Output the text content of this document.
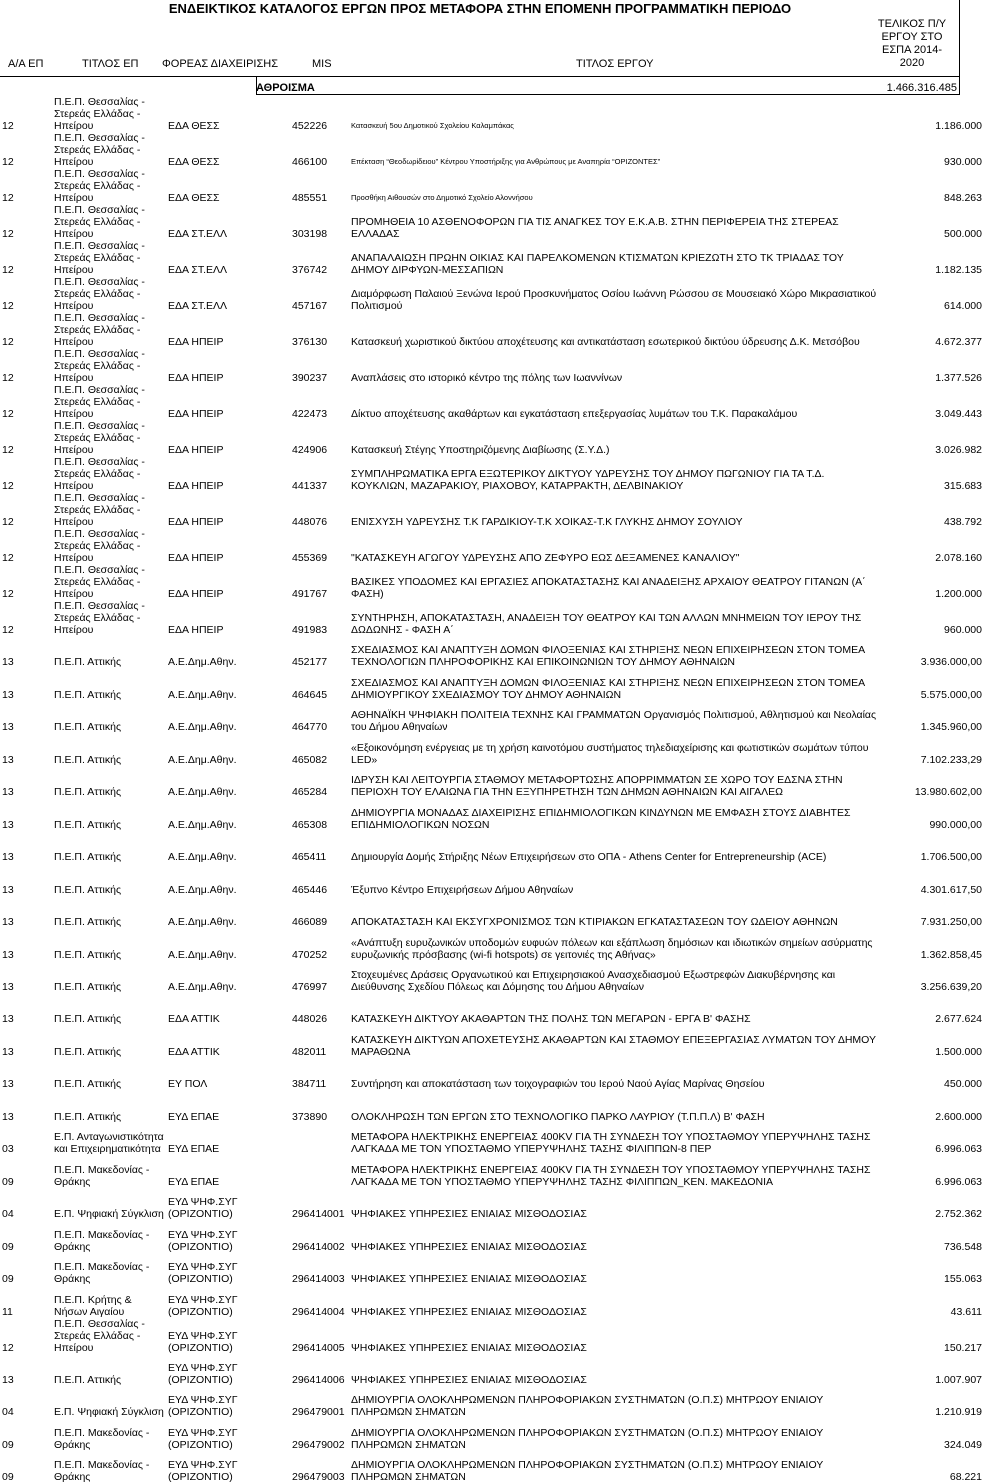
ΕΝΔΕΙΚΤΙΚΟΣ ΚΑΤΑΛΟΓΟΣ ΕΡΓΩΝ ΠΡΟΣ ΜΕΤΑΦΟΡΑ ΣΤΗΝ ΕΠΟΜΕΝΗ ΠΡΟΓΡΑΜΜΑΤΙΚΗ ΠΕΡΙΟΔΟ
Α/Α ΕΠ	ΤΙΤΛΟΣ ΕΠ ΦΟΡΕΑΣ ΔΙΑΧΕΙΡΙΣΗΣ	MIS	ΤΙΤΛΟΣ ΕΡΓΟΥ
ΤΕΛΙΚΟΣ Π/Υ ΕΡΓΟΥ ΣΤΟ ΕΣΠΑ 2014-2020
ΑΘΡΟΙΣΜΑ	1.466.316.485
12	Π.Ε.Π. Θεσσαλίας - Στερεάς Ελλάδας - Ηπείρου	ΕΔΑ ΘΕΣΣ	452226	Κατασκευή 5ου Δημοτικού Σχολείου Καλαμπάκας	1.186.000
12	Π.Ε.Π. Θεσσαλίας - Στερεάς Ελλάδας - Ηπείρου	ΕΔΑ ΘΕΣΣ	466100	Επέκταση “Θεοδωρίδειου” Κέντρου Υποστήριξης για Ανθρώπους με Αναπηρία “ΟΡΙΖΟΝΤΕΣ”	930.000
12	Π.Ε.Π. Θεσσαλίας - Στερεάς Ελλάδας - Ηπείρου	ΕΔΑ ΘΕΣΣ	485551	Προσθήκη Αιθουσών στο Δημοτικό Σχολείο Αλοννήσου	848.263
12	Π.Ε.Π. Θεσσαλίας - Στερεάς Ελλάδας - Ηπείρου	ΕΔΑ ΣΤ.ΕΛΛ	303198	ΠΡΟΜΗΘΕΙΑ 10 ΑΣΘΕΝΟΦΟΡΩΝ ΓΙΑ ΤΙΣ ΑΝΑΓΚΕΣ ΤΟΥ Ε.Κ.Α.Β. ΣΤΗΝ ΠΕΡΙΦΕΡΕΙΑ ΤΗΣ ΣΤΕΡΕΑΣ ΕΛΛΑΔΑΣ	500.000
12	Π.Ε.Π. Θεσσαλίας - Στερεάς Ελλάδας - Ηπείρου	ΕΔΑ ΣΤ.ΕΛΛ	376742	ΑΝΑΠΑΛΑΙΩΣΗ ΠΡΩΗΝ ΟΙΚΙΑΣ ΚΑΙ ΠΑΡΕΛΚΟΜΕΝΩΝ ΚΤΙΣΜΑΤΩΝ ΚΡΙΕΖΩΤΗ ΣΤΟ ΤΚ ΤΡΙΑΔΑΣ ΤΟΥ ΔΗΜΟΥ ΔΙΡΦΥΩΝ-ΜΕΣΣΑΠΙΩΝ	1.182.135
12	Π.Ε.Π. Θεσσαλίας - Στερεάς Ελλάδας - Ηπείρου	ΕΔΑ ΣΤ.ΕΛΛ	457167	Διαμόρφωση Παλαιού Ξενώνα Ιερού Προσκυνήματος Οσίου Ιωάννη Ρώσσου σε Μουσειακό Χώρο Μικρασιατικού Πολιτισμού	614.000
12	Π.Ε.Π. Θεσσαλίας - Στερεάς Ελλάδας - Ηπείρου	ΕΔΑ ΗΠΕΙΡ	376130	Κατασκευή χωριστικού δικτύου αποχέτευσης και αντικατάσταση εσωτερικού δικτύου ύδρευσης Δ.Κ. Μετσόβου	4.672.377
12	Π.Ε.Π. Θεσσαλίας - Στερεάς Ελλάδας - Ηπείρου	ΕΔΑ ΗΠΕΙΡ	390237	Αναπλάσεις στο ιστορικό κέντρο της πόλης των Ιωαννίνων	1.377.526
12	Π.Ε.Π. Θεσσαλίας - Στερεάς Ελλάδας - Ηπείρου	ΕΔΑ ΗΠΕΙΡ	422473	Δίκτυο αποχέτευσης ακαθάρτων και εγκατάσταση επεξεργασίας λυμάτων του Τ.Κ. Παρακαλάμου	3.049.443
12	Π.Ε.Π. Θεσσαλίας - Στερεάς Ελλάδας - Ηπείρου	ΕΔΑ ΗΠΕΙΡ	424906	Κατασκευή Στέγης Υποστηριζόμενης Διαβίωσης (Σ.Υ.Δ.)	3.026.982
12	Π.Ε.Π. Θεσσαλίας - Στερεάς Ελλάδας - Ηπείρου	ΕΔΑ ΗΠΕΙΡ	441337	ΣΥΜΠΛΗΡΩΜΑΤΙΚΑ ΕΡΓΑ ΕΞΩΤΕΡΙΚΟΥ ΔΙΚΤΥΟΥ ΥΔΡΕΥΣΗΣ ΤΟΥ ΔΗΜΟΥ ΠΩΓΩΝΙΟΥ ΓΙΑ ΤΑ Τ.Δ. ΚΟΥΚΛΙΩΝ, ΜΑΖΑΡΑΚΙΟΥ, ΡΙΑΧΟΒΟΥ, ΚΑΤΑΡΡΑΚΤΗ, ΔΕΛΒΙΝΑΚΙΟΥ	315.683
12	Π.Ε.Π. Θεσσαλίας - Στερεάς Ελλάδας - Ηπείρου	ΕΔΑ ΗΠΕΙΡ	448076	ΕΝΙΣΧΥΣΗ ΥΔΡΕΥΣΗΣ Τ.Κ ΓΑΡΔΙΚΙΟΥ-Τ.Κ ΧΟΙΚΑΣ-Τ.Κ ΓΛΥΚΗΣ ΔΗΜΟΥ ΣΟΥΛΙΟΥ	438.792
12	Π.Ε.Π. Θεσσαλίας - Στερεάς Ελλάδας - Ηπείρου	ΕΔΑ ΗΠΕΙΡ	455369	"ΚΑΤΑΣΚΕΥΗ ΑΓΩΓΟΥ ΥΔΡΕΥΣΗΣ ΑΠΟ ΖΕΦΥΡΟ ΕΩΣ ΔΕΞΑΜΕΝΕΣ ΚΑΝΑΛΙΟΥ"	2.078.160
12	Π.Ε.Π. Θεσσαλίας - Στερεάς Ελλάδας - Ηπείρου	ΕΔΑ ΗΠΕΙΡ	491767	ΒΑΣΙΚΕΣ ΥΠΟΔΟΜΕΣ ΚΑΙ ΕΡΓΑΣΙΕΣ ΑΠΟΚΑΤΑΣΤΑΣΗΣ ΚΑΙ ΑΝΑΔΕΙΞΗΣ ΑΡΧΑΙΟΥ ΘΕΑΤΡΟΥ ΓΙΤΑΝΩΝ (Α΄ ΦΑΣΗ)	1.200.000
12	Π.Ε.Π. Θεσσαλίας - Στερεάς Ελλάδας - Ηπείρου	ΕΔΑ ΗΠΕΙΡ	491983	ΣΥΝΤΗΡΗΣΗ, ΑΠΟΚΑΤΑΣΤΑΣΗ, ΑΝΑΔΕΙΞΗ ΤΟΥ ΘΕΑΤΡΟΥ ΚΑΙ ΤΩΝ ΑΛΛΩΝ ΜΝΗΜΕΙΩΝ ΤΟΥ ΙΕΡΟΥ ΤΗΣ ΔΩΔΩΝΗΣ - ΦΑΣΗ Α΄	960.000
13	Π.Ε.Π. Αττικής	Α.Ε.Δημ.Αθην.	452177	ΣΧΕΔΙΑΣΜΟΣ ΚΑΙ ΑΝΑΠΤΥΞΗ ΔΟΜΩΝ ΦΙΛΟΞΕΝΙΑΣ ΚΑΙ ΣΤΗΡΙΞΗΣ ΝΕΩΝ ΕΠΙΧΕΙΡΗΣΕΩΝ ΣΤΟΝ ΤΟΜΕΑ ΤΕΧΝΟΛΟΓΙΩΝ ΠΛΗΡΟΦΟΡΙΚΗΣ ΚΑΙ ΕΠΙΚΟΙΝΩΝΙΩΝ ΤΟΥ ΔΗΜΟΥ ΑΘΗΝΑΙΩΝ	3.936.000,00
13	Π.Ε.Π. Αττικής	Α.Ε.Δημ.Αθην.	464645	ΣΧΕΔΙΑΣΜΟΣ ΚΑΙ ΑΝΑΠΤΥΞΗ ΔΟΜΩΝ ΦΙΛΟΞΕΝΙΑΣ ΚΑΙ ΣΤΗΡΙΞΗΣ ΝΕΩΝ ΕΠΙΧΕΙΡΗΣΕΩΝ ΣΤΟΝ ΤΟΜΕΑ ΔΗΜΙΟΥΡΓΙΚΟΥ ΣΧΕΔΙΑΣΜΟΥ ΤΟΥ ΔΗΜΟΥ ΑΘΗΝΑΙΩΝ	5.575.000,00
13	Π.Ε.Π. Αττικής	Α.Ε.Δημ.Αθην.	464770	ΑΘΗΝΑΪΚΗ ΨΗΦΙΑΚΗ ΠΟΛΙΤΕΙΑ ΤΕΧΝΗΣ ΚΑΙ ΓΡΑΜΜΑΤΩΝ Οργανισμός Πολιτισμού, Αθλητισμού και Νεολαίας του Δήμου Αθηναίων	1.345.960,00
13	Π.Ε.Π. Αττικής	Α.Ε.Δημ.Αθην.	465082	«Εξοικονόμηση ενέργειας με τη χρήση καινοτόμου συστήματος τηλεδιαχείρισης και φωτιστικών σωμάτων τύπου LED»	7.102.233,29
13	Π.Ε.Π. Αττικής	Α.Ε.Δημ.Αθην.	465284	ΙΔΡΥΣΗ ΚΑΙ ΛΕΙΤΟΥΡΓΙΑ ΣΤΑΘΜΟΥ ΜΕΤΑΦΟΡΤΩΣΗΣ ΑΠΟΡΡΙΜΜΑΤΩΝ ΣΕ ΧΩΡΟ ΤΟΥ ΕΔΣΝΑ ΣΤΗΝ ΠΕΡΙΟΧΗ ΤΟΥ ΕΛΑΙΩΝΑ ΓΙΑ ΤΗΝ ΕΞΥΠΗΡΕΤΗΣΗ ΤΩΝ ΔΗΜΩΝ ΑΘΗΝΑΙΩΝ ΚΑΙ ΑΙΓΑΛΕΩ	13.980.602,00
13	Π.Ε.Π. Αττικής	Α.Ε.Δημ.Αθην.	465308	ΔΗΜΙΟΥΡΓΙΑ ΜΟΝΑΔΑΣ ΔΙΑΧΕΙΡΙΣΗΣ ΕΠΙΔΗΜΙΟΛΟΓΙΚΩΝ ΚΙΝΔΥΝΩΝ ΜΕ ΕΜΦΑΣΗ ΣΤΟΥΣ ΔΙΑΒΗΤΕΣ ΕΠΙΔΗΜΙΟΛΟΓΙΚΩΝ ΝΟΣΩΝ	990.000,00
13	Π.Ε.Π. Αττικής	Α.Ε.Δημ.Αθην.	465411	Δημιουργία Δομής Στήριξης Νέων Επιχειρήσεων στο ΟΠΑ - Athens Center for Entrepreneurship (ACE)	1.706.500,00
13	Π.Ε.Π. Αττικής	Α.Ε.Δημ.Αθην.	465446	Έξυπνο Κέντρο Επιχειρήσεων Δήμου Αθηναίων	4.301.617,50
13	Π.Ε.Π. Αττικής	Α.Ε.Δημ.Αθην.	466089	ΑΠΟΚΑΤΑΣΤΑΣΗ ΚΑΙ ΕΚΣΥΓΧΡΟΝΙΣΜΟΣ ΤΩΝ ΚΤΙΡΙΑΚΩΝ ΕΓΚΑΤΑΣΤΑΣΕΩΝ ΤΟΥ ΩΔΕΙΟΥ ΑΘΗΝΩΝ	7.931.250,00
13	Π.Ε.Π. Αττικής	Α.Ε.Δημ.Αθην.	470252	«Ανάπτυξη ευρυζωνικών υποδομών ευφυών πόλεων και εξάπλωση δημόσιων και ιδιωτικών σημείων ασύρματης ευρυζωνικής πρόσβασης (wi-fi hotspots) σε γειτονιές της Αθήνας»	1.362.858,45
13	Π.Ε.Π. Αττικής	Α.Ε.Δημ.Αθην.	476997	Στοχευμένες Δράσεις Οργανωτικού και Επιχειρησιακού Ανασχεδιασμού Εξωστρεφών Διακυβέρνησης και Διεύθυνσης Σχεδίου Πόλεως και Δόμησης του Δήμου Αθηναίων	3.256.639,20
13	Π.Ε.Π. Αττικής	ΕΔΑ ΑΤΤΙΚ	448026	ΚΑΤΑΣΚΕΥΗ ΔΙΚΤΥΟΥ ΑΚΑΘΑΡΤΩΝ ΤΗΣ ΠΟΛΗΣ ΤΩΝ ΜΕΓΑΡΩΝ - ΕΡΓΑ Β' ΦΑΣΗΣ	2.677.624
13	Π.Ε.Π. Αττικής	ΕΔΑ ΑΤΤΙΚ	482011	ΚΑΤΑΣΚΕΥΗ ΔΙΚΤΥΩΝ ΑΠΟΧΕΤΕΥΣΗΣ ΑΚΑΘΑΡΤΩΝ ΚΑΙ ΣΤΑΘΜΟΥ ΕΠΕΞΕΡΓΑΣΙΑΣ ΛΥΜΑΤΩΝ ΤΟΥ ΔΗΜΟΥ ΜΑΡΑΘΩΝΑ	1.500.000
13	Π.Ε.Π. Αττικής	ΕΥ ΠΟΛ	384711	Συντήρηση και αποκατάσταση των τοιχογραφιών του Ιερού Ναού Αγίας Μαρίνας Θησείου	450.000
13	Π.Ε.Π. Αττικής	ΕΥΔ ΕΠΑΕ	373890	ΟΛΟΚΛΗΡΩΣΗ ΤΩΝ ΕΡΓΩΝ ΣΤΟ ΤΕΧΝΟΛΟΓΙΚΟ ΠΑΡΚΟ ΛΑΥΡΙΟΥ (Τ.Π.Π.Λ) Β' ΦΑΣΗ	2.600.000
03	Ε.Π. Ανταγωνιστικότητα και Επιχειρηματικότητα	ΕΥΔ ΕΠΑΕ		ΜΕΤΑΦΟΡΑ ΗΛΕΚΤΡΙΚΗΣ ΕΝΕΡΓΕΙΑΣ 400KV ΓΙΑ ΤΗ ΣΥΝΔΕΣΗ ΤΟΥ ΥΠΟΣΤΑΘΜΟΥ ΥΠΕΡΥΨΗΛΗΣ ΤΑΣΗΣ ΛΑΓΚΑΔΑ ΜΕ ΤΟΝ ΥΠΟΣΤΑΘΜΟ ΥΠΕΡΥΨΗΛΗΣ ΤΑΣΗΣ ΦΙΛΙΠΠΩΝ-8 ΠΕΡ	6.996.063
09	Π.Ε.Π. Μακεδονίας - Θράκης	ΕΥΔ ΕΠΑΕ		ΜΕΤΑΦΟΡΑ ΗΛΕΚΤΡΙΚΗΣ ΕΝΕΡΓΕΙΑΣ 400KV ΓΙΑ ΤΗ ΣΥΝΔΕΣΗ ΤΟΥ ΥΠΟΣΤΑΘΜΟΥ ΥΠΕΡΥΨΗΛΗΣ ΤΑΣΗΣ ΛΑΓΚΑΔΑ ΜΕ ΤΟΝ ΥΠΟΣΤΑΘΜΟ ΥΠΕΡΥΨΗΛΗΣ ΤΑΣΗΣ ΦΙΛΙΠΠΩΝ_ΚΕΝ. ΜΑΚΕΔΟΝΙΑ	6.996.063
04	Ε.Π. Ψηφιακή Σύγκλιση	ΕΥΔ ΨΗΦ.ΣΥΓ (ΟΡΙΖΟΝΤΙΟ)	296414001	ΨΗΦΙΑΚΕΣ ΥΠΗΡΕΣΙΕΣ ΕΝΙΑΙΑΣ ΜΙΣΘΟΔΟΣΙΑΣ	2.752.362
09	Π.Ε.Π. Μακεδονίας - Θράκης	ΕΥΔ ΨΗΦ.ΣΥΓ (ΟΡΙΖΟΝΤΙΟ)	296414002	ΨΗΦΙΑΚΕΣ ΥΠΗΡΕΣΙΕΣ ΕΝΙΑΙΑΣ ΜΙΣΘΟΔΟΣΙΑΣ	736.548
09	Π.Ε.Π. Μακεδονίας - Θράκης	ΕΥΔ ΨΗΦ.ΣΥΓ (ΟΡΙΖΟΝΤΙΟ)	296414003	ΨΗΦΙΑΚΕΣ ΥΠΗΡΕΣΙΕΣ ΕΝΙΑΙΑΣ ΜΙΣΘΟΔΟΣΙΑΣ	155.063
11	Π.Ε.Π. Κρήτης & Νήσων Αιγαίου	ΕΥΔ ΨΗΦ.ΣΥΓ (ΟΡΙΖΟΝΤΙΟ)	296414004	ΨΗΦΙΑΚΕΣ ΥΠΗΡΕΣΙΕΣ ΕΝΙΑΙΑΣ ΜΙΣΘΟΔΟΣΙΑΣ	43.611
12	Π.Ε.Π. Θεσσαλίας - Στερεάς Ελλάδας - Ηπείρου	ΕΥΔ ΨΗΦ.ΣΥΓ (ΟΡΙΖΟΝΤΙΟ)	296414005	ΨΗΦΙΑΚΕΣ ΥΠΗΡΕΣΙΕΣ ΕΝΙΑΙΑΣ ΜΙΣΘΟΔΟΣΙΑΣ	150.217
13	Π.Ε.Π. Αττικής	ΕΥΔ ΨΗΦ.ΣΥΓ (ΟΡΙΖΟΝΤΙΟ)	296414006	ΨΗΦΙΑΚΕΣ ΥΠΗΡΕΣΙΕΣ ΕΝΙΑΙΑΣ ΜΙΣΘΟΔΟΣΙΑΣ	1.007.907
04	Ε.Π. Ψηφιακή Σύγκλιση	ΕΥΔ ΨΗΦ.ΣΥΓ (ΟΡΙΖΟΝΤΙΟ)	296479001	ΔΗΜΙΟΥΡΓΙΑ ΟΛΟΚΛΗΡΩΜΕΝΩΝ ΠΛΗΡΟΦΟΡΙΑΚΩΝ ΣΥΣΤΗΜΑΤΩΝ (Ο.Π.Σ) ΜΗΤΡΩΟΥ ΕΝΙΑΙΟΥ ΠΛΗΡΩΜΩΝ ΣΗΜΑΤΩΝ	1.210.919
09	Π.Ε.Π. Μακεδονίας - Θράκης	ΕΥΔ ΨΗΦ.ΣΥΓ (ΟΡΙΖΟΝΤΙΟ)	296479002	ΔΗΜΙΟΥΡΓΙΑ ΟΛΟΚΛΗΡΩΜΕΝΩΝ ΠΛΗΡΟΦΟΡΙΑΚΩΝ ΣΥΣΤΗΜΑΤΩΝ (Ο.Π.Σ) ΜΗΤΡΩΟΥ ΕΝΙΑΙΟΥ ΠΛΗΡΩΜΩΝ ΣΗΜΑΤΩΝ	324.049
09	Π.Ε.Π. Μακεδονίας - Θράκης	ΕΥΔ ΨΗΦ.ΣΥΓ (ΟΡΙΖΟΝΤΙΟ)	296479003	ΔΗΜΙΟΥΡΓΙΑ ΟΛΟΚΛΗΡΩΜΕΝΩΝ ΠΛΗΡΟΦΟΡΙΑΚΩΝ ΣΥΣΤΗΜΑΤΩΝ (Ο.Π.Σ) ΜΗΤΡΩΟΥ ΕΝΙΑΙΟΥ ΠΛΗΡΩΜΩΝ ΣΗΜΑΤΩΝ	68.221
